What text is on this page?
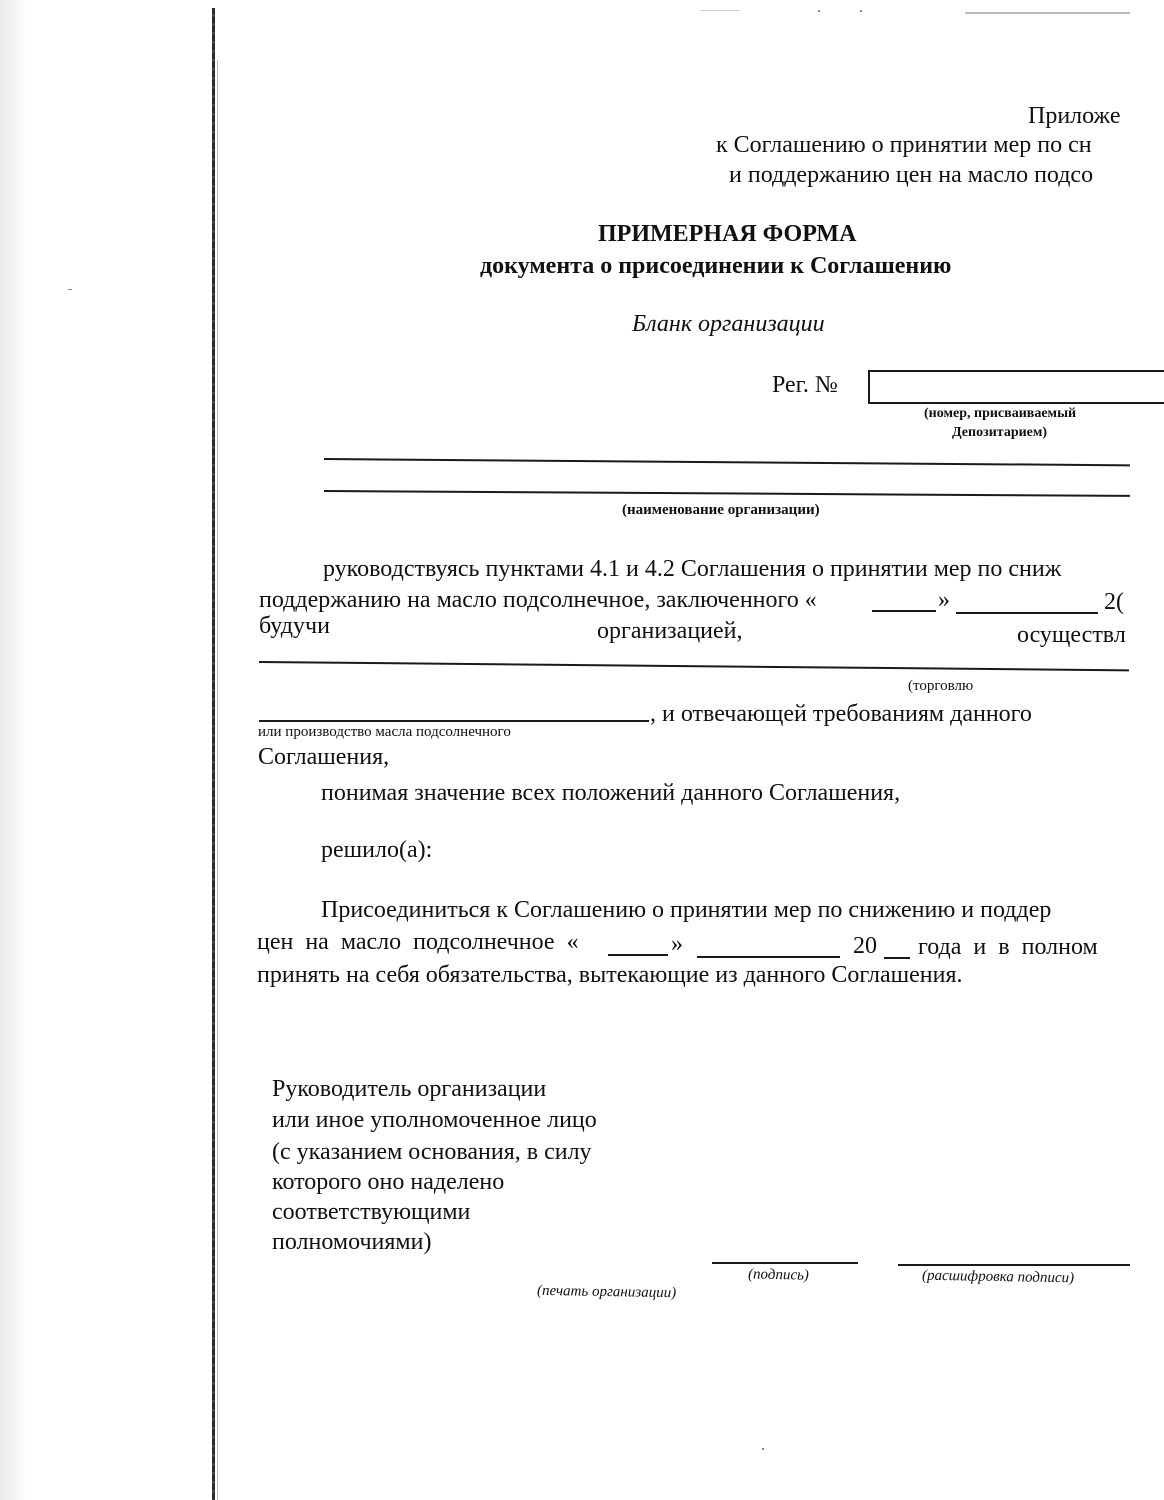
Приложе
к Соглашению о принятии мер по сн
и поддержанию цен на масло подсо
ПРИМЕРНАЯ ФОРМА
документа о присоединении к Соглашению
Бланк организации
Рег. №
(номер, присваиваемый
Депозитарием)
(наименование организации)
руководствуясь пунктами 4.1 и 4.2 Соглашения о принятии мер по сниж
поддержанию на масло подсолнечное, заключенного «	»	2(
будучи	организацией,	осуществл
(торговлю
, и отвечающей требованиям данного
или производство масла подсолнечного
Соглашения,
понимая значение всех положений данного Соглашения,
решило(а):
Присоединиться к Соглашению о принятии мер по снижению и поддер
цен на масло подсолнечное «	»	20 года и в полном
принять на себя обязательства, вытекающие из данного Соглашения.
Руководитель организации
или иное уполномоченное лицо
(с указанием основания, в силу
которого оно наделено
соответствующими
полномочиями)
(подпись)	(расшифровка подписи)
(печать организации)
